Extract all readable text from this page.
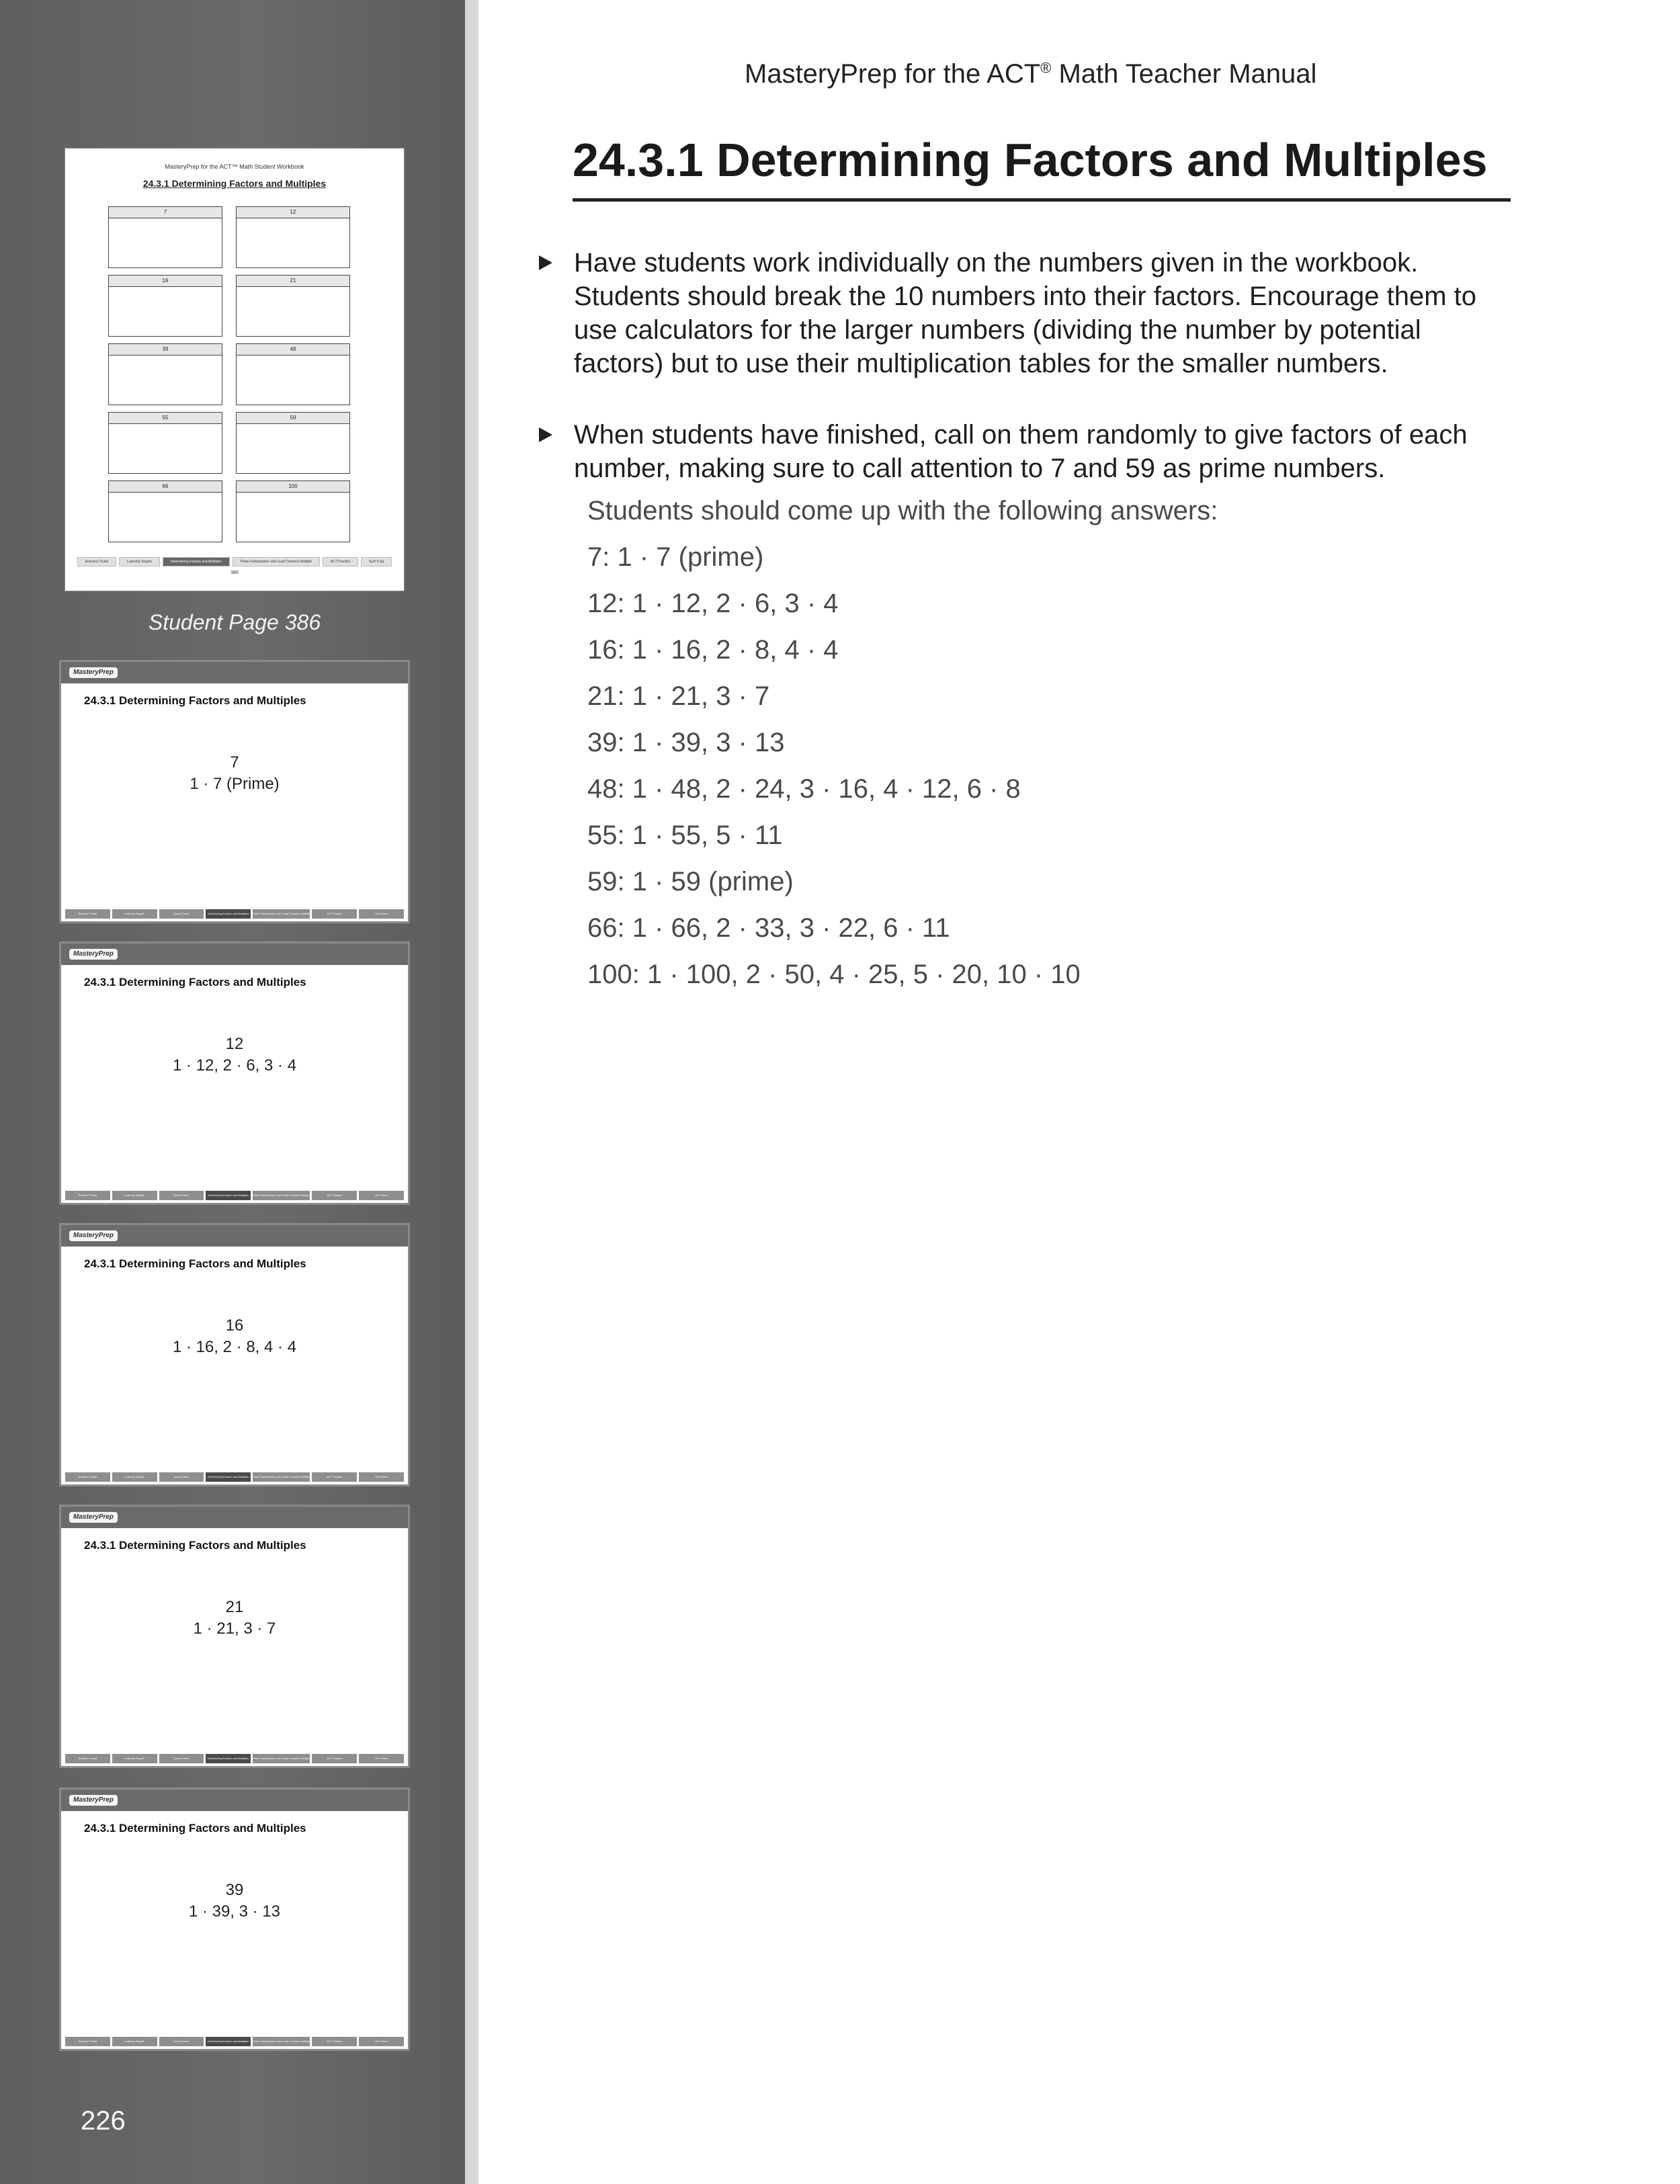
MasteryPrep for the ACT™ Math Student Workbook
24.3.1 Determining Factors and Multiples
7	12
16	21
39	48
55	59
66	100
Entrance Ticket	Learning Targets	Determining Factors and Multiples	Prime Factorization and Least Common Multiple	ACT Practice	Sum It Up
386
Student Page 386
MasteryPrep
24.3.1 Determining Factors and Multiples
7
1 · 7 (Prime)
Entrance Ticket	Learning Targets	Quick Check	Determining Factors and Multiples	Prime Factorization and Least Common Multiple	ACT Practice	Exit Ticket
MasteryPrep
24.3.1 Determining Factors and Multiples
12
1 · 12, 2 · 6, 3 · 4
Entrance Ticket	Learning Targets	Quick Check	Determining Factors and Multiples	Prime Factorization and Least Common Multiple	ACT Practice	Exit Ticket
MasteryPrep
24.3.1 Determining Factors and Multiples
16
1 · 16, 2 · 8, 4 · 4
Entrance Ticket	Learning Targets	Quick Check	Determining Factors and Multiples	Prime Factorization and Least Common Multiple	ACT Practice	Exit Ticket
MasteryPrep
24.3.1 Determining Factors and Multiples
21
1 · 21, 3 · 7
Entrance Ticket	Learning Targets	Quick Check	Determining Factors and Multiples	Prime Factorization and Least Common Multiple	ACT Practice	Exit Ticket
MasteryPrep
24.3.1 Determining Factors and Multiples
39
1 · 39, 3 · 13
Entrance Ticket	Learning Targets	Quick Check	Determining Factors and Multiples	Prime Factorization and Least Common Multiple	ACT Practice	Exit Ticket
226
MasteryPrep for the ACT® Math Teacher Manual
24.3.1 Determining Factors and Multiples
Have students work individually on the numbers given in the workbook. Students should break the 10 numbers into their factors. Encourage them to use calculators for the larger numbers (dividing the number by potential factors) but to use their multiplication tables for the smaller numbers.
When students have finished, call on them randomly to give factors of each number, making sure to call attention to 7 and 59 as prime numbers.
Students should come up with the following answers:
7: 1 · 7 (prime)
12: 1 · 12, 2 · 6, 3 · 4
16: 1 · 16, 2 · 8, 4 · 4
21: 1 · 21, 3 · 7
39: 1 · 39, 3 · 13
48: 1 · 48, 2 · 24, 3 · 16, 4 · 12, 6 · 8
55: 1 · 55, 5 · 11
59: 1 · 59 (prime)
66: 1 · 66, 2 · 33, 3 · 22, 6 · 11
100: 1 · 100, 2 · 50, 4 · 25, 5 · 20, 10 · 10
